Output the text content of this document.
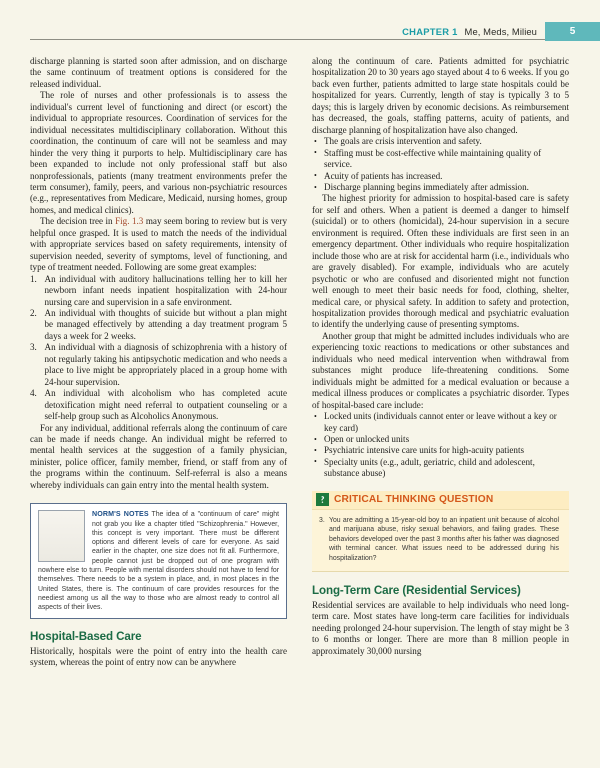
CHAPTER 1 Me, Meds, Milieu	5

discharge planning is started soon after admission, and on discharge the same continuum of treatment options is considered for the released individual.

The role of nurses and other professionals is to assess the individual's current level of functioning and direct (or escort) the individual to appropriate resources. Coordination of services for the individual necessitates multidisciplinary collaboration. Without this coordination, the continuum of care will not be seamless and may hinder the very thing it purports to help. Multidisciplinary care has been expanded to include not only professional staff but also nonprofessionals, patients (many treatment environments prefer the term consumer), family, peers, and various non-psychiatric resources (e.g., representatives from Medicare, Medicaid, nursing homes, group homes, and medical clinics).

The decision tree in Fig. 1.3 may seem boring to review but is very helpful once grasped. It is used to match the needs of the individual with appropriate services based on safety requirements, intensity of supervision needed, severity of symptoms, level of functioning, and type of treatment needed. Following are some great examples:

1. An individual with auditory hallucinations telling her to kill her newborn infant needs inpatient hospitalization with 24-hour nursing care and supervision in a safe environment.
2. An individual with thoughts of suicide but without a plan might be managed effectively by attending a day treatment program 5 days a week for 2 weeks.
3. An individual with a diagnosis of schizophrenia with a history of not regularly taking his antipsychotic medication and who needs a place to live might be appropriately placed in a group home with 24-hour supervision.
4. An individual with alcoholism who has completed acute detoxification might need referral to outpatient counseling or a self-help group such as Alcoholics Anonymous.

For any individual, additional referrals along the continuum of care can be made if needs change. An individual might be referred to mental health services at the suggestion of a family physician, minister, police officer, family member, friend, or staff from any of the programs within the continuum. Self-referral is also a means whereby individuals can gain entry into the mental health system.

NORM'S NOTES The idea of a "continuum of care" might not grab you like a chapter titled "Schizophrenia." However, this concept is very important. There must be different options and different levels of care for everyone. As said earlier in the chapter, one size does not fit all. Furthermore, people cannot just be dropped out of one program with nowhere else to turn. People with mental disorders should not have to fend for themselves. There needs to be a system in place, and, in most places in the United States, there is. The continuum of care provides resources for the neediest among us all the way to those who are almost ready to control all aspects of their lives.
Hospital-Based Care

Historically, hospitals were the point of entry into the health care system, whereas the point of entry now can be anywhere

along the continuum of care. Patients admitted for psychiatric hospitalization 20 to 30 years ago stayed about 4 to 6 weeks. If you go back even further, patients admitted to large state hospitals could be hospitalized for years. Currently, length of stay is typically 3 to 5 days; this is largely driven by economic decisions. As reimbursement has decreased, the goals, staffing patterns, acuity of patients, and discharge planning of hospitalization have also changed.

• The goals are crisis intervention and safety.
• Staffing must be cost-effective while maintaining quality of service.
• Acuity of patients has increased.
• Discharge planning begins immediately after admission.

The highest priority for admission to hospital-based care is safety for self and others. When a patient is deemed a danger to himself (suicidal) or to others (homicidal), 24-hour supervision in a secure environment is required. Often these individuals are first seen in an emergency department. Other individuals who require hospitalization include those who are at risk for accidental harm (i.e., individuals who are gravely disabled). For example, individuals who are acutely psychotic or who are confused and disoriented might not function well enough to meet their basic needs for food, clothing, shelter, medical care, or physical safety. In addition to safety and protection, hospitalization provides thorough medical and psychiatric evaluation to identify the underlying cause of presenting symptoms.

Another group that might be admitted includes individuals who are experiencing toxic reactions to medications or other substances and individuals who need medical intervention when withdrawal from substances might produce life-threatening conditions. Some individuals might be admitted for a medical evaluation or because a medical illness produces or complicates a psychiatric disorder. Types of hospital-based care include:

• Locked units (individuals cannot enter or leave without a key or key card)
• Open or unlocked units
• Psychiatric intensive care units for high-acuity patients
• Specialty units (e.g., adult, geriatric, child and adolescent, substance abuse)
CRITICAL THINKING QUESTION
3. You are admitting a 15-year-old boy to an inpatient unit because of alcohol and marijuana abuse, risky sexual behaviors, and failing grades. These behaviors developed over the past 3 months after his father was diagnosed with terminal cancer. What issues need to be addressed during his hospitalization?
Long-Term Care (Residential Services)

Residential services are available to help individuals who need long-term care. Most states have long-term care facilities for individuals needing prolonged 24-hour supervision. The length of stay might be 3 to 6 months or longer. There are more than 8 million people in approximately 30,000 nursing
